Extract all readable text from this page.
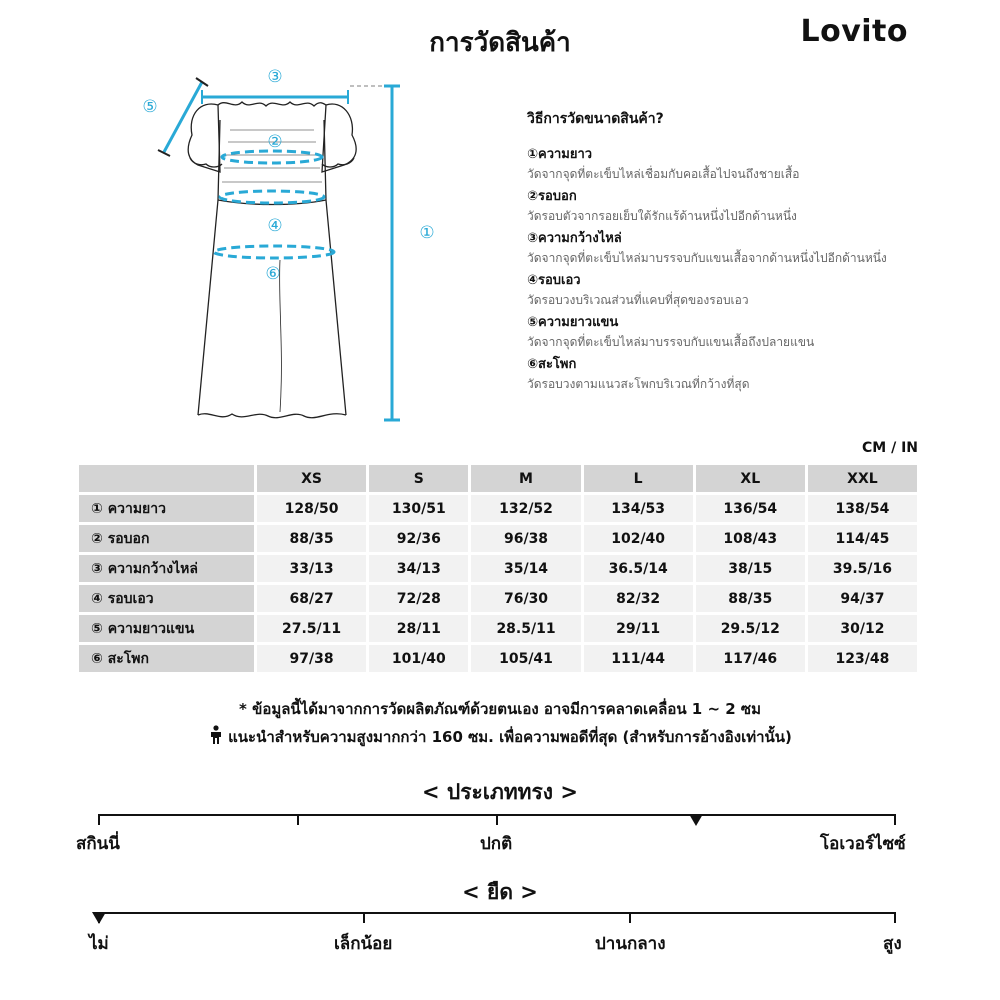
การวัดสินค้า	Lovito
①
②
③
④
⑤
⑥
วิธีการวัดขนาดสินค้า?
①ความยาว
วัดจากจุดที่ตะเข็บไหล่เชื่อมกับคอเสื้อไปจนถึงชายเสื้อ
②รอบอก
วัดรอบตัวจากรอยเย็บใต้รักแร้ด้านหนึ่งไปอีกด้านหนึ่ง
③ความกว้างไหล่
วัดจากจุดที่ตะเข็บไหล่มาบรรจบกับแขนเสื้อจากด้านหนึ่งไปอีกด้านหนึ่ง
④รอบเอว
วัดรอบวงบริเวณส่วนที่แคบที่สุดของรอบเอว
⑤ความยาวแขน
วัดจากจุดที่ตะเข็บไหล่มาบรรจบกับแขนเสื้อถึงปลายแขน
⑥สะโพก
วัดรอบวงตามแนวสะโพกบริเวณที่กว้างที่สุด
CM / IN
	XS	S	M	L	XL	XXL
① ความยาว	128/50	130/51	132/52	134/53	136/54	138/54
② รอบอก	88/35	92/36	96/38	102/40	108/43	114/45
③ ความกว้างไหล่	33/13	34/13	35/14	36.5/14	38/15	39.5/16
④ รอบเอว	68/27	72/28	76/30	82/32	88/35	94/37
⑤ ความยาวแขน	27.5/11	28/11	28.5/11	29/11	29.5/12	30/12
⑥ สะโพก	97/38	101/40	105/41	111/44	117/46	123/48
* ข้อมูลนี้ได้มาจากการวัดผลิตภัณฑ์ด้วยตนเอง อาจมีการคลาดเคลื่อน 1 ~ 2 ซม
แนะนำสำหรับความสูงมากกว่า 160 ซม. เพื่อความพอดีที่สุด (สำหรับการอ้างอิงเท่านั้น)
< ประเภททรง >
สกินนี่	ปกติ	โอเวอร์ไซซ์
< ยืด >
ไม่	เล็กน้อย	ปานกลาง	สูง
